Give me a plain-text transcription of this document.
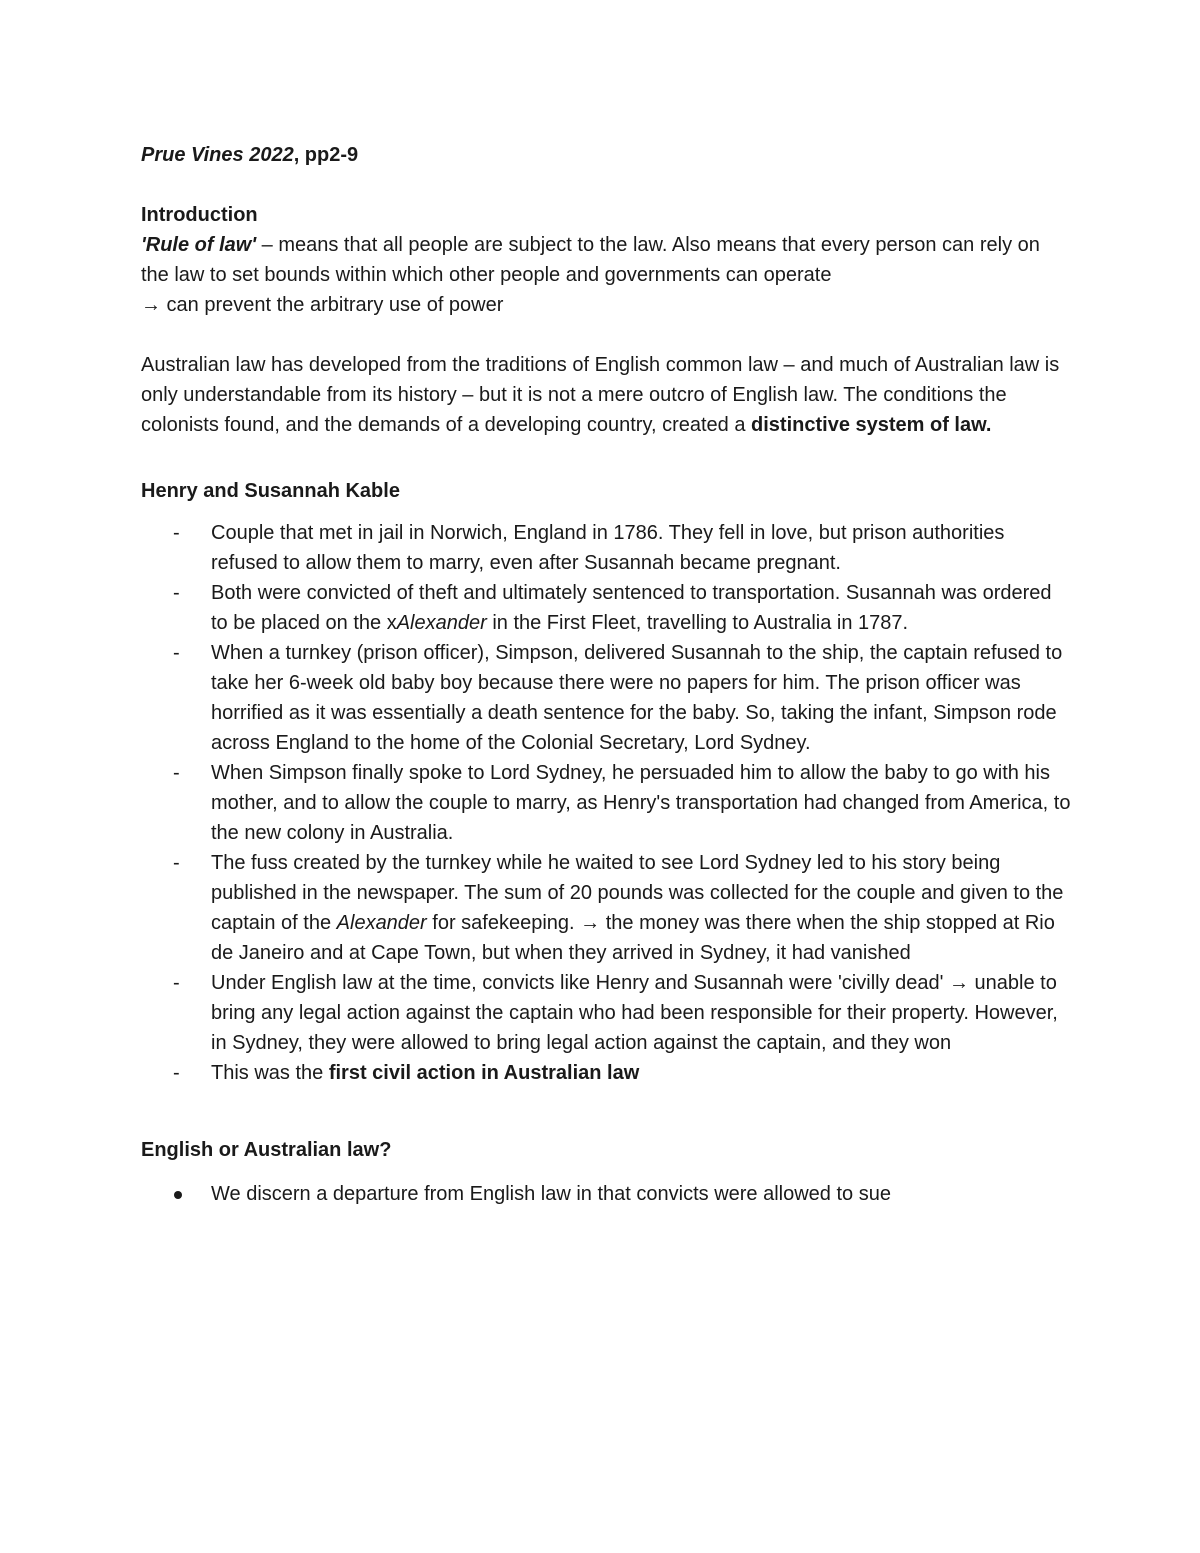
Prue Vines 2022, pp2-9

Introduction

'Rule of law' – means that all people are subject to the law. Also means that every person can rely on the law to set bounds within which other people and governments can operate

→ can prevent the arbitrary use of power

Australian law has developed from the traditions of English common law – and much of Australian law is only understandable from its history – but it is not a mere outcro of English law. The conditions the colonists found, and the demands of a developing country, created a distinctive system of law.

Henry and Susannah Kable

- Couple that met in jail in Norwich, England in 1786. They fell in love, but prison authorities refused to allow them to marry, even after Susannah became pregnant.
- Both were convicted of theft and ultimately sentenced to transportation. Susannah was ordered to be placed on the xAlexander in the First Fleet, travelling to Australia in 1787.
- When a turnkey (prison officer), Simpson, delivered Susannah to the ship, the captain refused to take her 6-week old baby boy because there were no papers for him. The prison officer was horrified as it was essentially a death sentence for the baby. So, taking the infant, Simpson rode across England to the home of the Colonial Secretary, Lord Sydney.
- When Simpson finally spoke to Lord Sydney, he persuaded him to allow the baby to go with his mother, and to allow the couple to marry, as Henry's transportation had changed from America, to the new colony in Australia.
- The fuss created by the turnkey while he waited to see Lord Sydney led to his story being published in the newspaper. The sum of 20 pounds was collected for the couple and given to the captain of the Alexander for safekeeping. → the money was there when the ship stopped at Rio de Janeiro and at Cape Town, but when they arrived in Sydney, it had vanished
- Under English law at the time, convicts like Henry and Susannah were 'civilly dead' → unable to bring any legal action against the captain who had been responsible for their property. However, in Sydney, they were allowed to bring legal action against the captain, and they won
- This was the first civil action in Australian law

English or Australian law?

We discern a departure from English law in that convicts were allowed to sue
